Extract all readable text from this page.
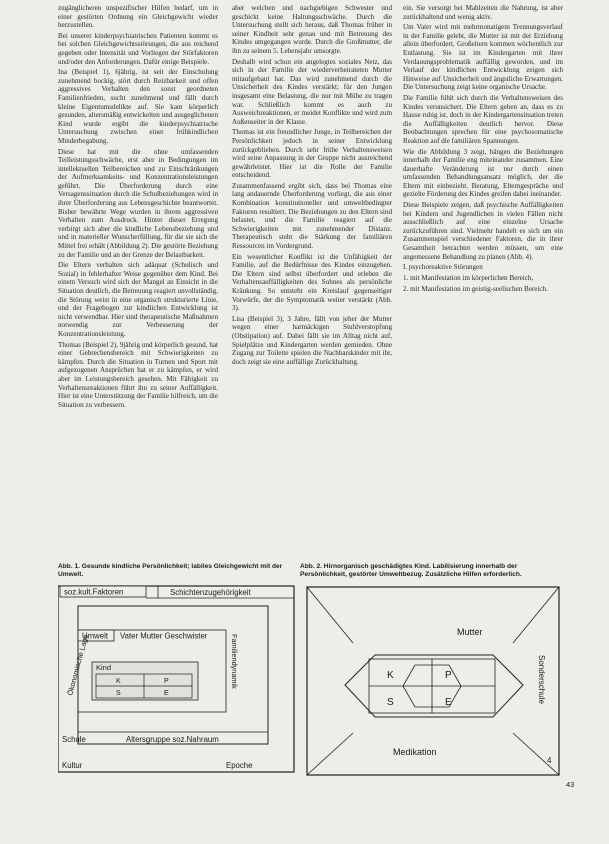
zugänglicheren unspezifischer Hilfen bedarf, um in einer gestörten Ordnung ein Gleichgewicht wieder herzustellen.

Bei unserer kinderpsychiatrischen Patienten kommt es bei solchen Gleichgewichtsstörungen, die aus reichend gegeben oder Intensität und Vorliegen der Störfaktoren und/oder den Anforderungen. Dafür einige Beispiele.

Ina (Beispiel 1), 6jährig, ist seit der Einschulung zunehmend bockig, stört durch Reizbarkeit und offen aggressives Verhalten den sonst geordneten Familienfrieden, sucht zunehmend und fällt durch kleine Eigentumsdelikte auf. Sie kam körperlich gesunden, altersmäßig entwickelten und ausgeglichenen Kind wurde ergibt die kinderpsychiatrische Untersuchung zwischen einer frühkindlichen Minderbegabung.

Diese hat mit die ohne umfassenden Teilleistungsschwäche, erst aber in Bedingungen im intellektuellen Teilbereichen und zu Einschränkungen der Aufmerksamkeits- und Konzentrationsleistungen geführt. Die Überforderung durch eine Versagenssituation durch die Schulbeziehungen wird in ihrer Überforderung aus Lebensgeschichte beantwortet. Bisher bewährte Wege wurden in ihrem aggressiven Verhalten zum Ausdruck. Hinter dieser Erregung verbirgt sich aber die kindliche Lebensbeziehung und und in materieller Wunscherfüllung, für die sie sich die Mittel frei erhält (Abbildung 2). Die gestörte Beziehung zu der Familie und an der Grenze der Belastbarkeit.

Die Eltern verhalten sich adäquat (Schulisch und Sozial) in fehlerhafter Weise gegenüber dem Kind. Bei einem Versuch wird sich der Mangel an Einsicht in die Situation deutlich, die Betreuung reagiert unvollständig, die Störung weist in eine organisch strukturierte Linie, und der Fragebogen zur kindlichen Entwicklung ist nicht verwendbar. Hier sind therapeutische Maßnahmen notwendig zur Verbesserung der Konzentrationsleistung.

Thomas (Beispiel 2), 9jährig und körperlich gesund, hat einer Gebrechensbereich mit Schwierigkeiten zu kämpfen. Durch die Situation in Turnen und Sport mit aufgezogenen Ansprüchen hat er zu kämpfen, er wird aber im Leistungsbereich gesehen. Mit Fähigkeit zu Verhaltensreaktionen führt ihn zu seiner Auffälligkeit. Hier ist eine Unterstützung der Familie hilfreich, um die Situation zu verbessern.

aber welchen und nachgiebigen Schwester und geschickt keine Haltungsschwäche. Durch die Untersuchung stellt sich heraus, daß Thomas früher in seiner Kindheit sehr genau und mit Betreuung des Kindes umgegangen wurde. Durch die Großmutter, die ihn zu seinem 5. Lebensjahr umsorgte.

Deshalb wird schon ein angelegtes soziales Netz, das sich in der Familie der wiederverheirateten Mutter mitaufgebaut hat. Das wird zunehmend durch die Unsicherheit des Kindes verstärkt; für den Jungen insgesamt eine Belastung, die nur mit Mühe zu tragen war. Schließlich kommt es auch zu Ausweichreaktionen, er meidet Konflikte und wird zum Außenseiter in der Klasse.

Thomas ist ein freundlicher Junge, in Teilbereichen der Persönlichkeit jedoch in seiner Entwicklung zurückgeblieben. Durch sehr frühe Verhaltensweisen wird seine Anpassung in der Gruppe nicht ausreichend gewährleistet. Hier ist die Rolle der Familie entscheidend.

Zusammenfassend ergibt sich, dass bei Thomas eine lang andauernde Überforderung vorliegt, die aus einer Kombination konstitutioneller und umweltbedingter Faktoren resultiert. Die Beziehungen zu den Eltern sind belastet, und die Familie reagiert auf die Schwierigkeiten mit zunehmender Distanz. Therapeutisch steht die Stärkung der familiären Ressourcen im Vordergrund.

Ein wesentlicher Konflikt ist die Unfähigkeit der Familie, auf die Bedürfnisse des Kindes einzugehen. Die Eltern sind selbst überfordert und erleben die Verhaltensauffälligkeiten des Sohnes als persönliche Kränkung. So entsteht ein Kreislauf gegenseitiger Vorwürfe, der die Symptomatik weiter verstärkt (Abb. 3).

Lisa (Beispiel 3), 3 Jahre, fällt von jeher der Mutter wegen einer harmäckigen Stuhlverstopfung (Obstipation) auf. Dabei fällt sie im Alltag nicht auf, Spielplätze und Kindergarten werden gemieden. Ohne Zugang zur Toilette spielen die Nachbarskinder mit ihr, doch zeigt sie eine auffällige Zurückhaltung.

ein. Sie versorgt bei Mahlzeiten die Nahrung, ist aber zurückhaltend und wenig aktiv.

Um Vater wird mit mehrmonatigem Trennungsverlauf in der Familie gelebt, die Mutter ist mit der Erziehung allein überfordert, Großeltern kommen wöchentlich zur Entlastung. Sie ist im Kindergarten mit ihrer Verdauungsproblematik auffällig geworden, und im Verlauf der kindlichen Entwicklung zeigen sich Hinweise auf Unsicherheit und ängstliche Erwartungen. Die Untersuchung zeigt keine organische Ursache.

Die Familie fühlt sich durch die Verhaltensweisen des Kindes verunsichert. Die Eltern geben an, dass es zu Hause ruhig ist, doch in der Kindergartensituation treten die Auffälligkeiten deutlich hervor. Diese Beobachtungen sprechen für eine psychosomatische Reaktion auf die familiären Spannungen.

Wie die Abbildung 3 zeigt, hängen die Beziehungen innerhalb der Familie eng miteinander zusammen. Eine dauerhafte Veränderung ist nur durch einen umfassenden Behandlungsansatz möglich, der die Eltern mit einbezieht. Beratung, Elterngespräche und gezielte Förderung des Kindes greifen dabei ineinander.

Diese Beispiele zeigen, daß psychische Auffälligkeiten bei Kindern und Jugendlichen in vielen Fällen nicht ausschließlich auf eine einzelne Ursache zurückzuführen sind. Vielmehr handelt es sich um ein Zusammenspiel verschiedener Faktoren, die in ihrer Gesamtheit betrachtet werden müssen, um eine angemessene Behandlung zu planen (Abb. 4).

I. psychoreaktive Störungen

1. mit Manifestation im körperlichen Bereich,
2. mit Manifestation im geistig-seelischen Bereich.
Abb. 1. Gesunde kindliche Persönlichkeit; labiles Gleichgewicht mit der Umwelt.
Abb. 2. Hirnorganisch geschädigtes Kind. Labilisierung innerhalb der Persönlichkeit, gestörter Umweltbezug. Zusätzliche Hilfen erforderlich.
soz.kult.Faktoren	Schichtenzugehörigkeit
Umwelt Vater Mutter Geschwister
Kind
K	P
S	E
Ökonomische Lage	Familiendynamik
Schule	Altersgruppe soz.Nahraum
Kultur	Epoche
Mutter
Sonderschule
Medikation
K	P
S	E
4
43
